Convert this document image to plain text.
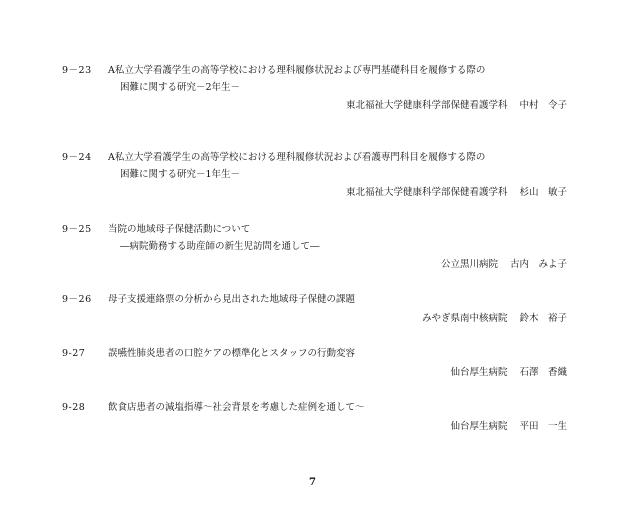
9－23 A私立大学看護学生の高等学校における理科履修状況および専門基礎科目を履修する際の
困難に関する研究－2年生－
東北福祉大学健康科学部保健看護学科 中村　令子
9－24 A私立大学看護学生の高等学校における理科履修状況および看護専門科目を履修する際の
困難に関する研究－1年生－
東北福祉大学健康科学部保健看護学科 杉山　敏子
9－25 当院の地域母子保健活動について
―病院勤務する助産師の新生児訪問を通して―
公立黒川病院 古内　みよ子
9－26 母子支援連絡票の分析から見出された地域母子保健の課題
みやぎ県南中核病院 鈴木　裕子
9-27 誤嚥性肺炎患者の口腔ケアの標準化とスタッフの行動変容
仙台厚生病院 石澤　香織
9-28 飲食店患者の減塩指導～社会背景を考慮した症例を通して～
仙台厚生病院 平田　一生
7
